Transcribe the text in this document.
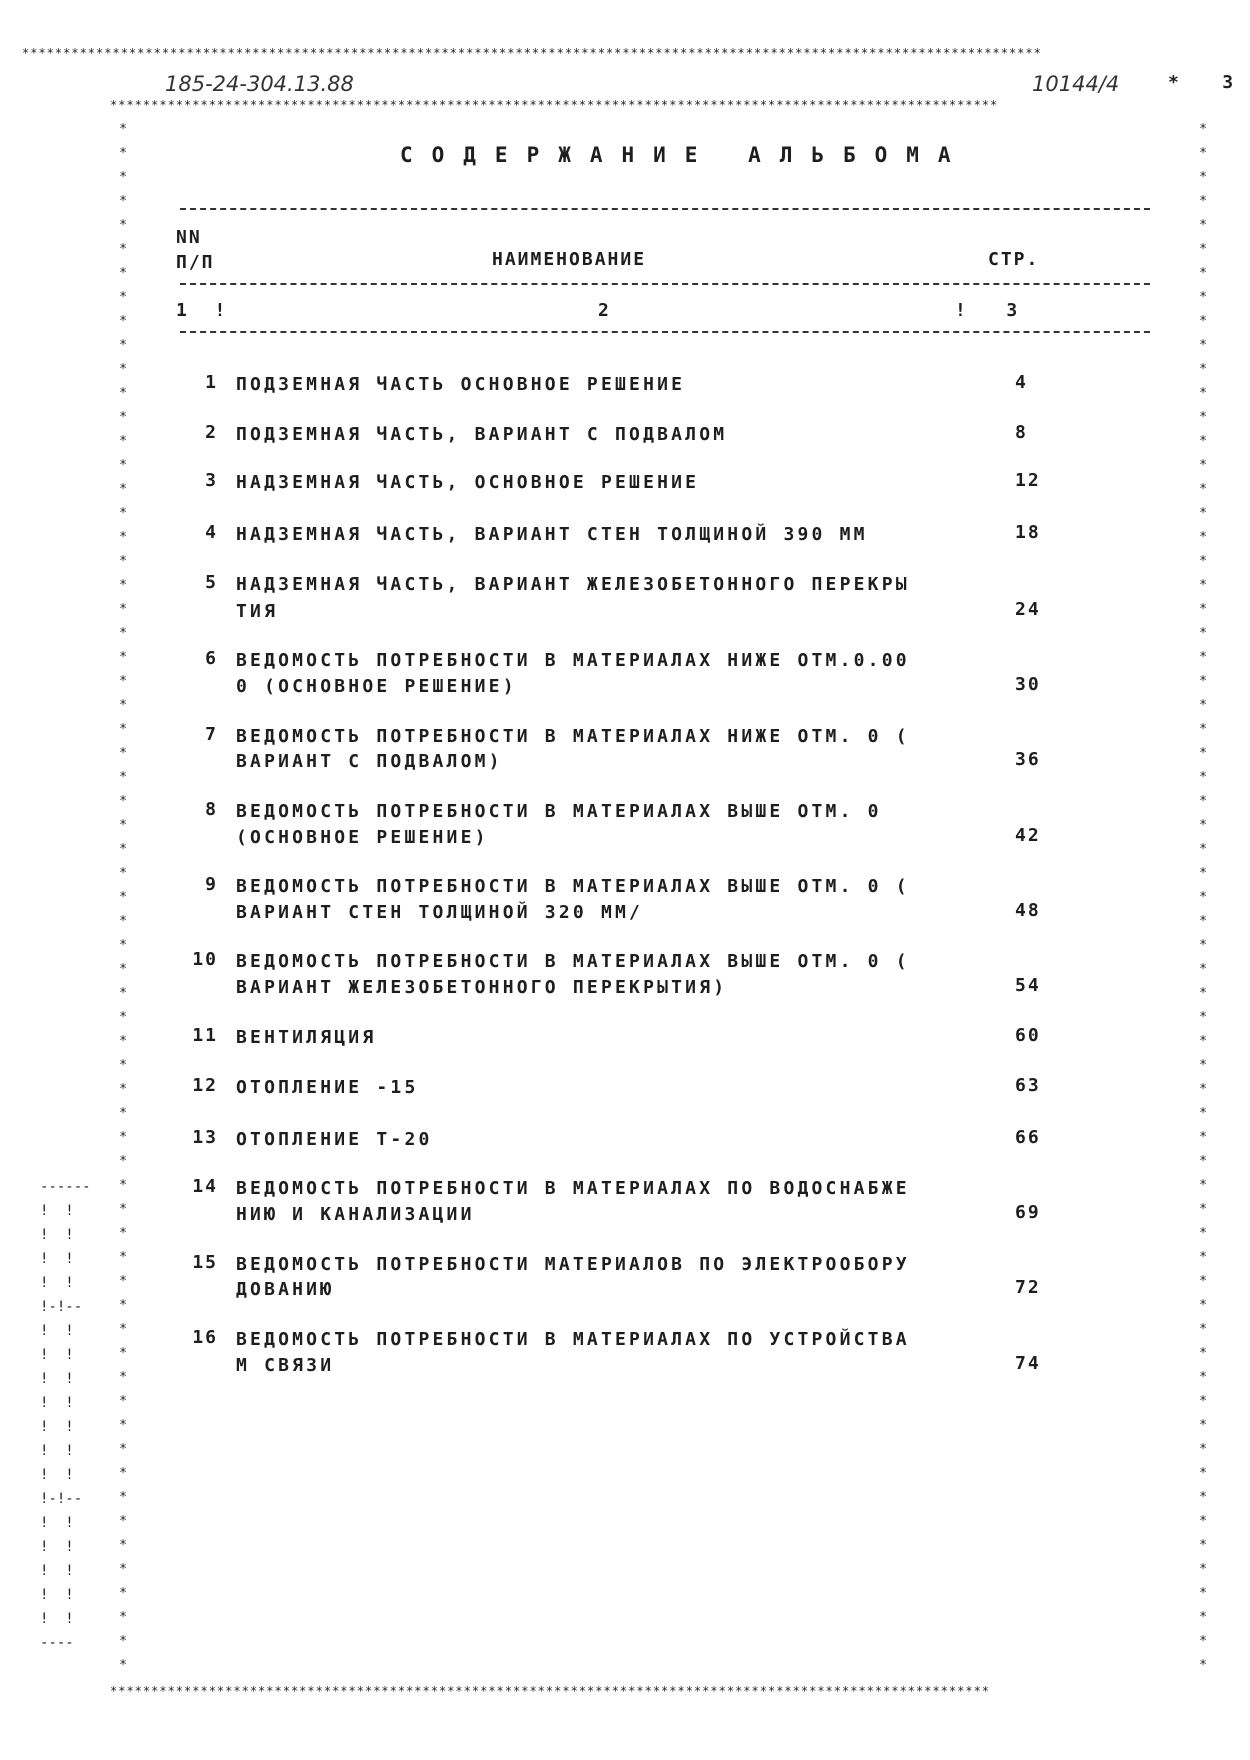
****************************************************************************************************************************
************************************************************************************************************
***********************************************************************************************************
* * * * * * * * * * * * * * * * * * * * * * * * * * * * * * * * * * * * * * * * * * * * * * * * * * * * * * * * * * * * * * * * *
* * * * * * * * * * * * * * * * * * * * * * * * * * * * * * * * * * * * * * * * * * * * * * * * * * * * * * * * * * * * * * * * *
------
!  !
!  !
!  !
!  !
!-!--
!  !
!  !
!  !
!  !
!  !
!  !
!  !
!-!--
!  !
!  !
!  !
!  !
!  !
----
185-24-304.13.88	10144/4	*    3
СОДЕРЖАНИЕ АЛЬБОМА
NN
П/П	НАИМЕНОВАНИЕ	СТР.
1  !	2	!   3
1 ПОДЗЕМНАЯ ЧАСТЬ ОСНОВНОЕ РЕШЕНИЕ	4
2 ПОДЗЕМНАЯ ЧАСТЬ, ВАРИАНТ С ПОДВАЛОМ	8
3 НАДЗЕМНАЯ ЧАСТЬ, ОСНОВНОЕ РЕШЕНИЕ	12
4 НАДЗЕМНАЯ ЧАСТЬ, ВАРИАНТ СТЕН ТОЛЩИНОЙ 390 ММ	18
5 НАДЗЕМНАЯ ЧАСТЬ, ВАРИАНТ ЖЕЛЕЗОБЕТОННОГО ПЕРЕКРЫ
ТИЯ	24
6 ВЕДОМОСТЬ ПОТРЕБНОСТИ В МАТЕРИАЛАХ НИЖЕ ОТМ.0.00
0 (ОСНОВНОЕ РЕШЕНИЕ)	30
7 ВЕДОМОСТЬ ПОТРЕБНОСТИ В МАТЕРИАЛАХ НИЖЕ ОТМ. 0 (
ВАРИАНТ С ПОДВАЛОМ)	36
8 ВЕДОМОСТЬ ПОТРЕБНОСТИ В МАТЕРИАЛАХ ВЫШЕ ОТМ. 0
(ОСНОВНОЕ РЕШЕНИЕ)	42
9 ВЕДОМОСТЬ ПОТРЕБНОСТИ В МАТЕРИАЛАХ ВЫШЕ ОТМ. 0 (
ВАРИАНТ СТЕН ТОЛЩИНОЙ 320 ММ/	48
10 ВЕДОМОСТЬ ПОТРЕБНОСТИ В МАТЕРИАЛАХ ВЫШЕ ОТМ. 0 (
ВАРИАНТ ЖЕЛЕЗОБЕТОННОГО ПЕРЕКРЫТИЯ)	54
11 ВЕНТИЛЯЦИЯ	60
12 ОТОПЛЕНИЕ -15	63
13 ОТОПЛЕНИЕ Т-20	66
14 ВЕДОМОСТЬ ПОТРЕБНОСТИ В МАТЕРИАЛАХ ПО ВОДОСНАБЖЕ
НИЮ И КАНАЛИЗАЦИИ	69
15 ВЕДОМОСТЬ ПОТРЕБНОСТИ МАТЕРИАЛОВ ПО ЭЛЕКТРООБОРУ
ДОВАНИЮ	72
16 ВЕДОМОСТЬ ПОТРЕБНОСТИ В МАТЕРИАЛАХ ПО УСТРОЙСТВА
М СВЯЗИ	74
